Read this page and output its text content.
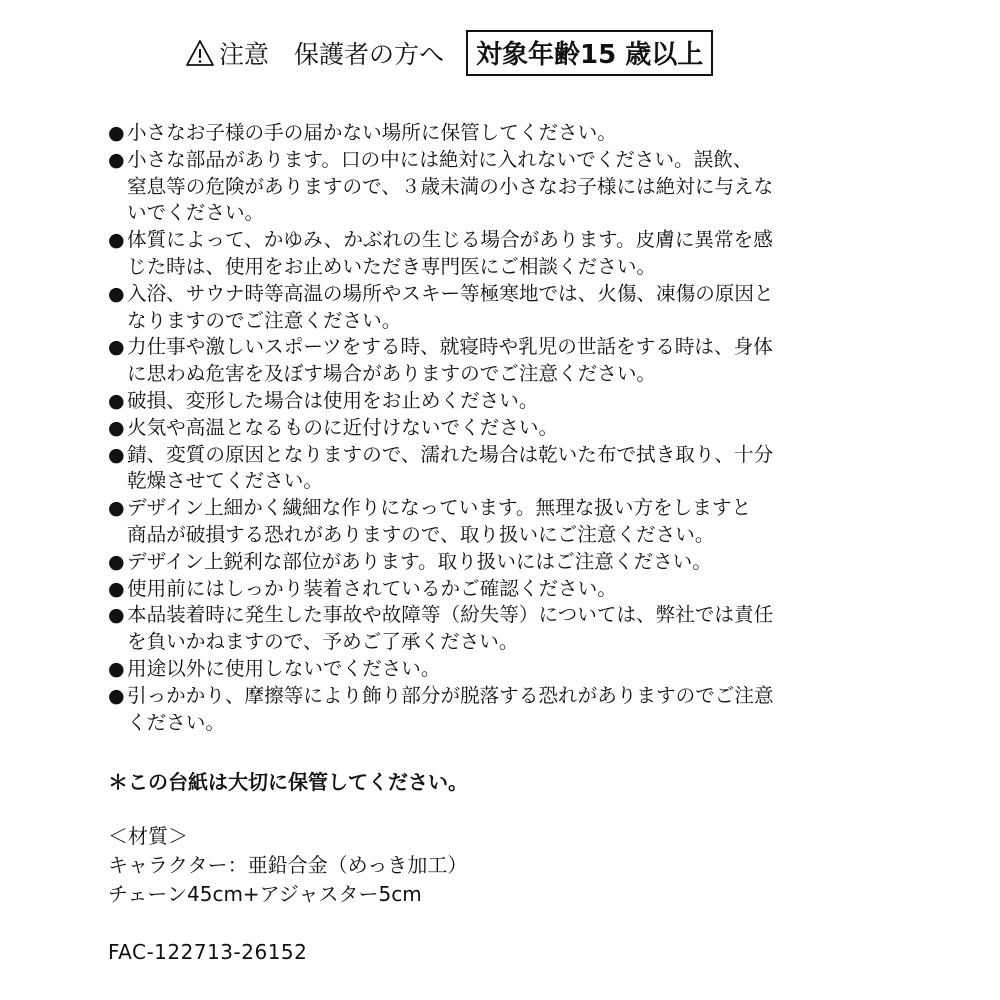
注意　保護者の方へ	対象年齢15 歳以上
● 小さなお子様の手の届かない場所に保管してください。
● 小さな部品があります。口の中には絶対に入れないでください。誤飲、
窒息等の危険がありますので、３歳未満の小さなお子様には絶対に与えな
いでください。
● 体質によって、かゆみ、かぶれの生じる場合があります。皮膚に異常を感
じた時は、使用をお止めいただき専門医にご相談ください。
● 入浴、サウナ時等高温の場所やスキー等極寒地では、火傷、凍傷の原因と
なりますのでご注意ください。
● 力仕事や激しいスポーツをする時、就寝時や乳児の世話をする時は、身体
に思わぬ危害を及ぼす場合がありますのでご注意ください。
● 破損、変形した場合は使用をお止めください。
● 火気や高温となるものに近付けないでください。
● 錆、変質の原因となりますので、濡れた場合は乾いた布で拭き取り、十分
乾燥させてください。
● デザイン上細かく繊細な作りになっています。無理な扱い方をしますと
商品が破損する恐れがありますので、取り扱いにご注意ください。
● デザイン上鋭利な部位があります。取り扱いにはご注意ください。
● 使用前にはしっかり装着されているかご確認ください。
● 本品装着時に発生した事故や故障等（紛失等）については、弊社では責任
を負いかねますので、予めご了承ください。
● 用途以外に使用しないでください。
● 引っかかり、摩擦等により飾り部分が脱落する恐れがありますのでご注意
ください。
＊この台紙は大切に保管してください。
＜材質＞
キャラクター：亜鉛合金（めっき加工）
チェーン45cm+アジャスター5cm
FAC-122713-26152
